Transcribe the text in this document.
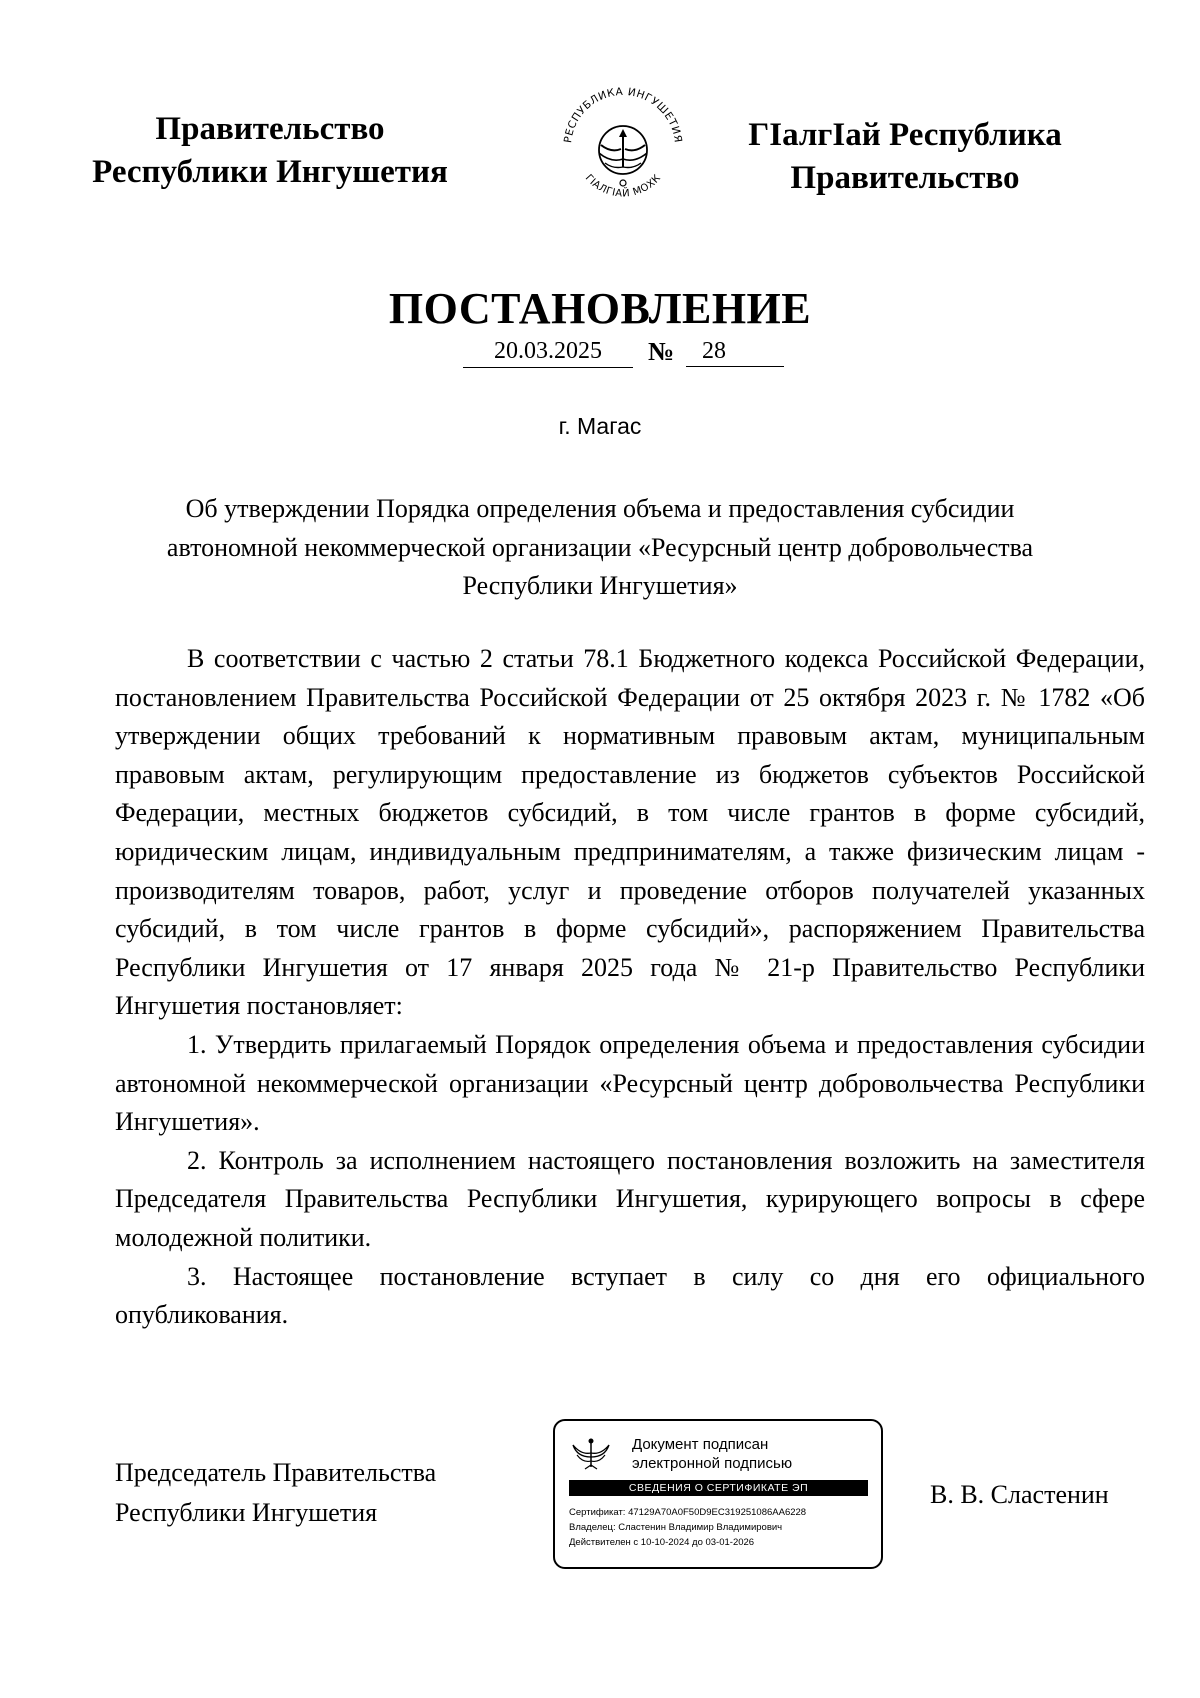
Правительство
Республики Ингушетия
РЕСПУБЛИКА ИНГУШЕТИЯ
ГIАЛГIАЙ МОХК
ГIалгIай Республика
Правительство
ПОСТАНОВЛЕНИЕ
20.03.2025	№	28
г. Магас
Об утверждении Порядка определения объема и предоставления субсидии
автономной некоммерческой организации «Ресурсный центр добровольчества
Республики Ингушетия»

В соответствии с частью 2 статьи 78.1 Бюджетного кодекса Российской Федерации, постановлением Правительства Российской Федерации от 25 октября 2023 г. № 1782 «Об утверждении общих требований к нормативным правовым актам, муниципальным правовым актам, регулирующим предоставление из бюджетов субъектов Российской Федерации, местных бюджетов субсидий, в том числе грантов в форме субсидий, юридическим лицам, индивидуальным предпринимателям, а также физическим лицам - производителям товаров, работ, услуг и проведение отборов получателей указанных субсидий, в том числе грантов в форме субсидий», распоряжением Правительства Республики Ингушетия от 17 января 2025 года № 21-р Правительство Республики Ингушетия постановляет:

1. Утвердить прилагаемый Порядок определения объема и предоставления субсидии автономной некоммерческой организации «Ресурсный центр добровольчества Республики Ингушетия».

2. Контроль за исполнением настоящего постановления возложить на заместителя Председателя Правительства Республики Ингушетия, курирующего вопросы в сфере молодежной политики.

3. Настоящее постановление вступает в силу со дня его официального опубликования.

Председатель Правительства
Республики Ингушетия
Документ подписан
электронной подписью
СВЕДЕНИЯ О СЕРТИФИКАТЕ ЭП
Сертификат: 47129A70A0F50D9EC319251086AA6228
Владелец: Сластенин Владимир Владимирович
Действителен с 10-10-2024 до 03-01-2026
В. В. Сластенин
